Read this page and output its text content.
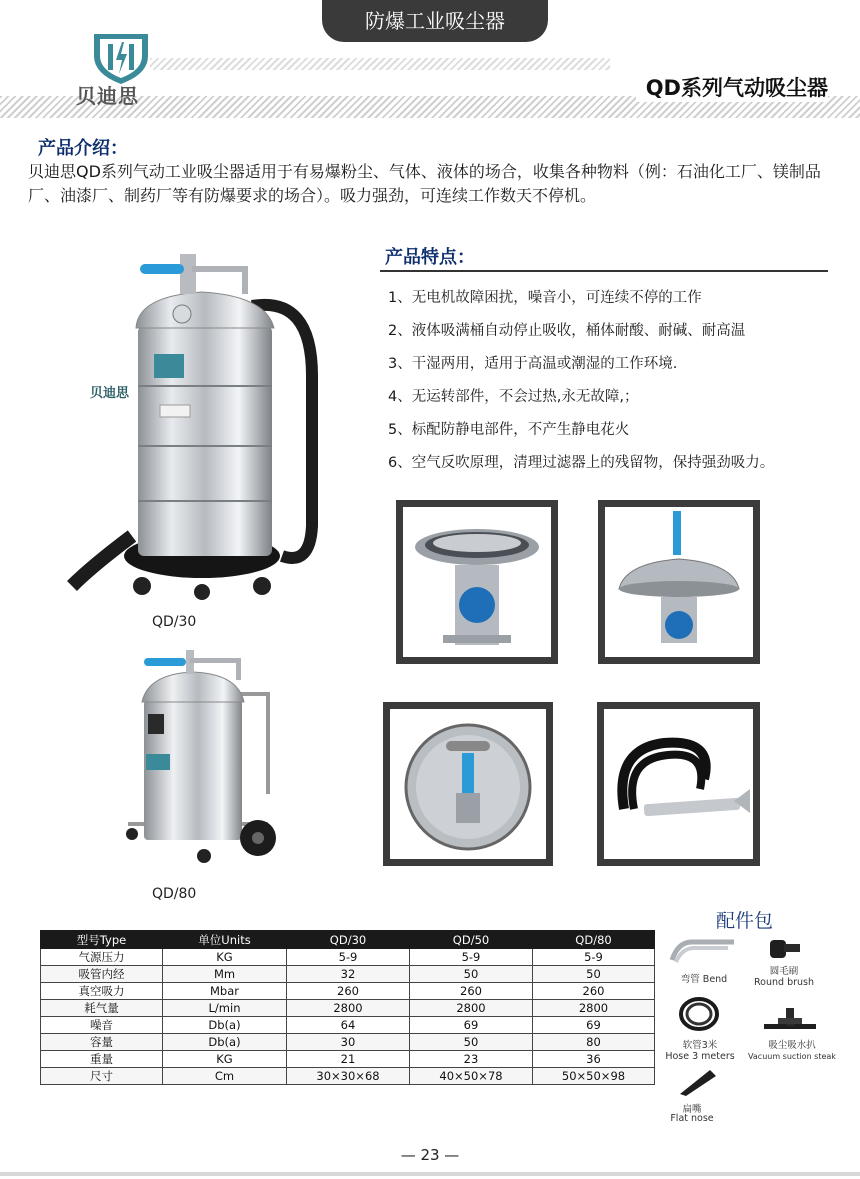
防爆工业吸尘器
贝迪思	QD系列气动吸尘器
产品介绍：
贝迪思QD系列气动工业吸尘器适用于有易爆粉尘、气体、液体的场合，收集各种物料（例：石油化工厂、镁制品厂、油漆厂、制药厂等有防爆要求的场合）。吸力强劲，可连续工作数天不停机。
贝迪思
QD/30
QD/80
产品特点：
1、无电机故障困扰，噪音小，可连续不停的工作
2、液体吸满桶自动停止吸收，桶体耐酸、耐碱、耐高温
3、干湿两用，适用于高温或潮湿的工作环境.
4、无运转部件，不会过热,永无故障,；
5、标配防静电部件，不产生静电花火
6、空气反吹原理，清理过滤器上的残留物，保持强劲吸力。
型号Type	单位Units	QD/30	QD/50	QD/80
气源压力	KG	5-9	5-9	5-9
吸管内经	Mm	32	50	50
真空吸力	Mbar	260	260	260
耗气量	L/min	2800	2800	2800
噪音	Db(a)	64	69	69
容量	Db(a)	30	50	80
重量	KG	21	23	36
尺寸	Cm	30×30×68	40×50×78	50×50×98
配件包
弯管 Bend
圆毛刷
Round brush
软管3米
Hose 3 meters
吸尘吸水扒
Vacuum suction steak
扁嘴
Flat nose
— 23 —
